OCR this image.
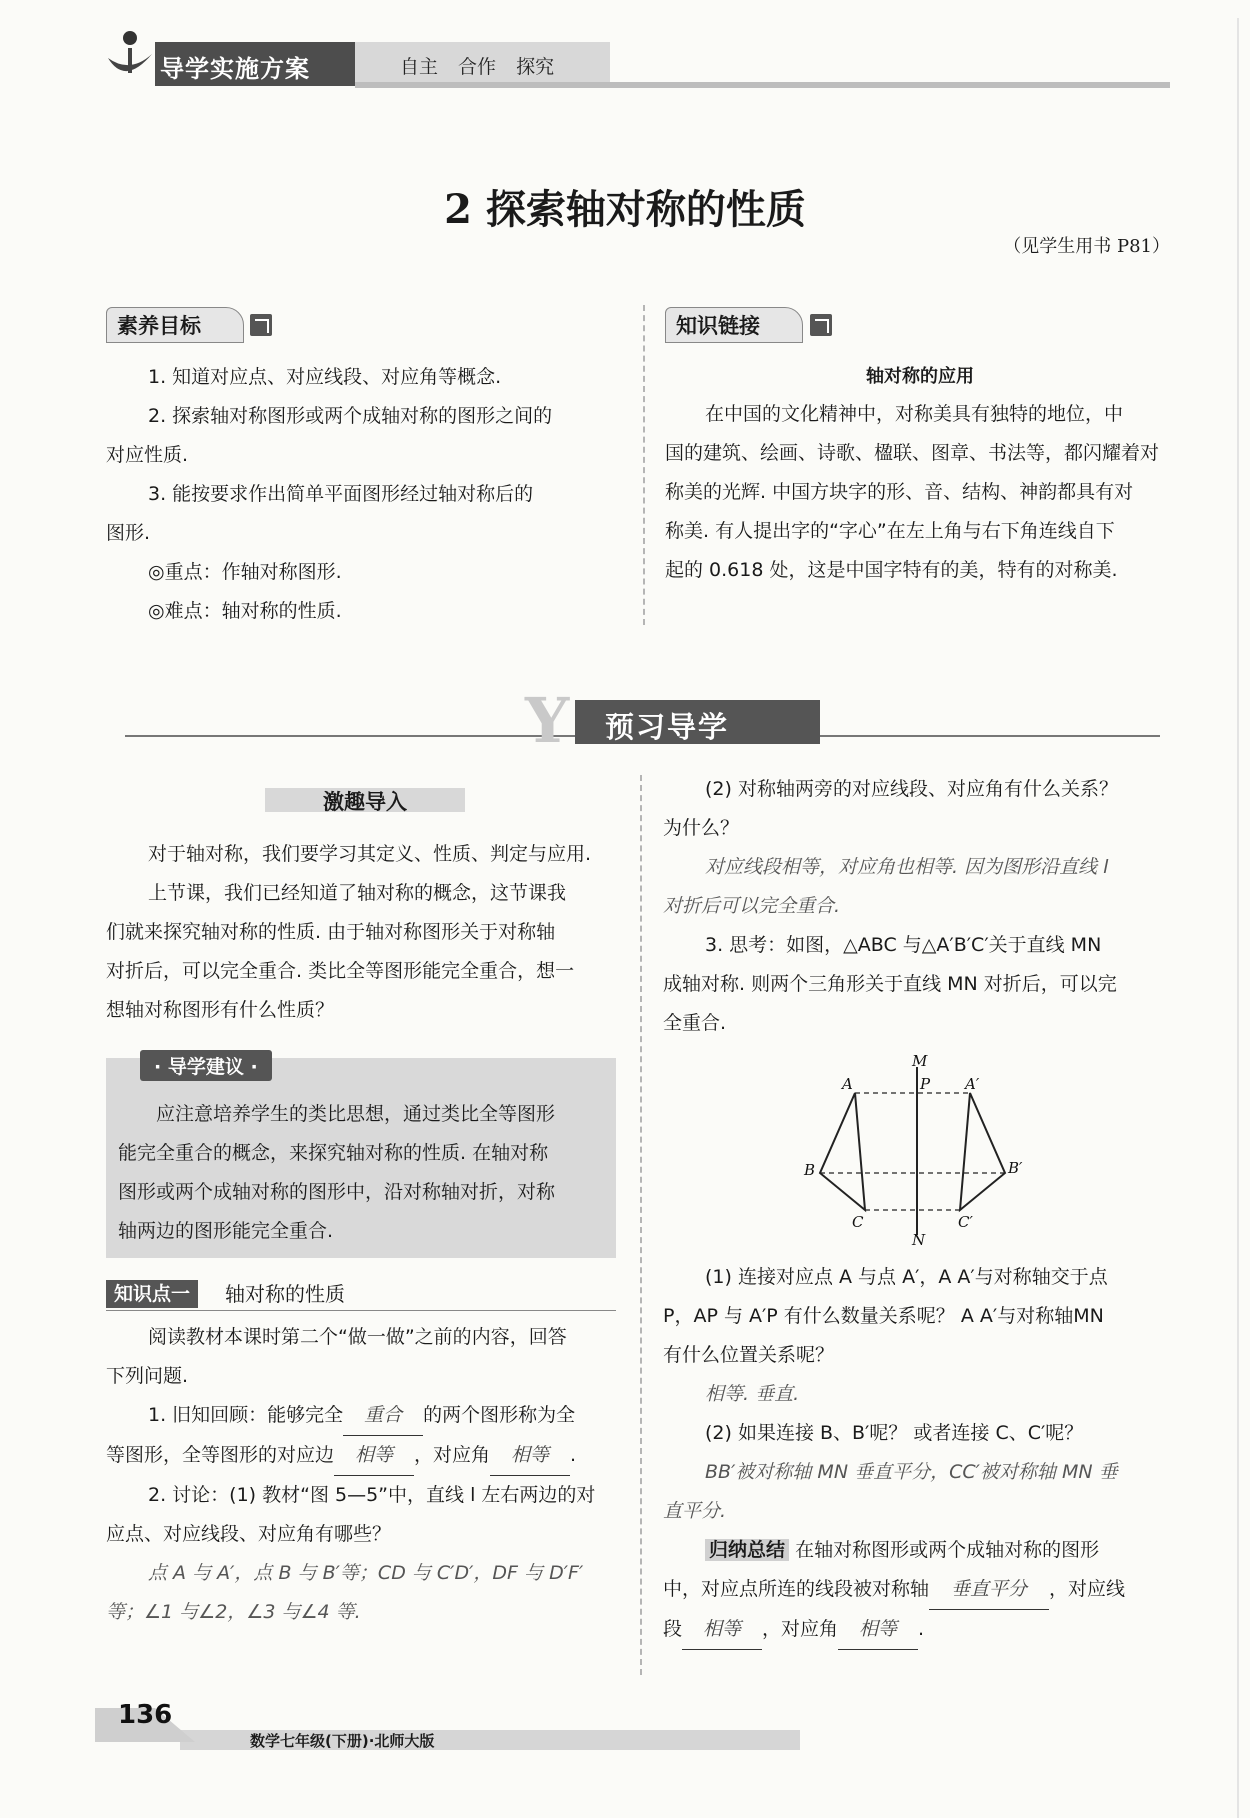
导学实施方案	自主 合作 探究
2 探索轴对称的性质
（见学生用书 P81）
素养目标
1. 知道对应点、对应线段、对应角等概念.
2. 探索轴对称图形或两个成轴对称的图形之间的
对应性质.
3. 能按要求作出简单平面图形经过轴对称后的
图形.
◎重点：作轴对称图形.
◎难点：轴对称的性质.
知识链接
轴对称的应用
在中国的文化精神中，对称美具有独特的地位，中
国的建筑、绘画、诗歌、楹联、图章、书法等，都闪耀着对
称美的光辉. 中国方块字的形、音、结构、神韵都具有对
称美. 有人提出字的“字心”在左上角与右下角连线自下
起的 0.618 处，这是中国字特有的美，特有的对称美.
Y 预习导学
激趣导入
对于轴对称，我们要学习其定义、性质、判定与应用.
上节课，我们已经知道了轴对称的概念，这节课我
们就来探究轴对称的性质. 由于轴对称图形关于对称轴
对折后，可以完全重合. 类比全等图形能完全重合，想一
想轴对称图形有什么性质？
· 导学建议 ·
应注意培养学生的类比思想，通过类比全等图形
能完全重合的概念，来探究轴对称的性质. 在轴对称
图形或两个成轴对称的图形中，沿对称轴对折，对称
轴两边的图形能完全重合.
知识点一	轴对称的性质
阅读教材本课时第二个“做一做”之前的内容，回答
下列问题.
1. 旧知回顾：能够完全 重合 的两个图形称为全
等图形，全等图形的对应边 相等 ，对应角 相等 .
2. 讨论：(1) 教材“图 5—5”中，直线 l 左右两边的对
应点、对应线段、对应角有哪些？
点 A 与 A′，点 B 与 B′等；CD 与 C′D′，DF 与 D′F′
等；∠1 与∠2，∠3 与∠4 等.
(2) 对称轴两旁的对应线段、对应角有什么关系？
为什么？
对应线段相等，对应角也相等. 因为图形沿直线 l
对折后可以完全重合.
3. 思考：如图，△ABC 与△A′B′C′关于直线 MN
成轴对称. 则两个三角形关于直线 MN 对折后，可以完
全重合.
M
N
P
A	A′
B	B′
C	C′
(1) 连接对应点 A 与点 A′，A A′与对称轴交于点
P，AP 与 A′P 有什么数量关系呢？ A A′与对称轴MN
有什么位置关系呢？
相等. 垂直.
(2) 如果连接 B、B′呢？ 或者连接 C、C′呢？
BB′被对称轴 MN 垂直平分，CC′被对称轴 MN 垂
直平分.
归纳总结 在轴对称图形或两个成轴对称的图形
中，对应点所连的线段被对称轴 垂直平分 ，对应线
段 相等 ，对应角 相等 .
136
数学七年级(下册)·北师大版
